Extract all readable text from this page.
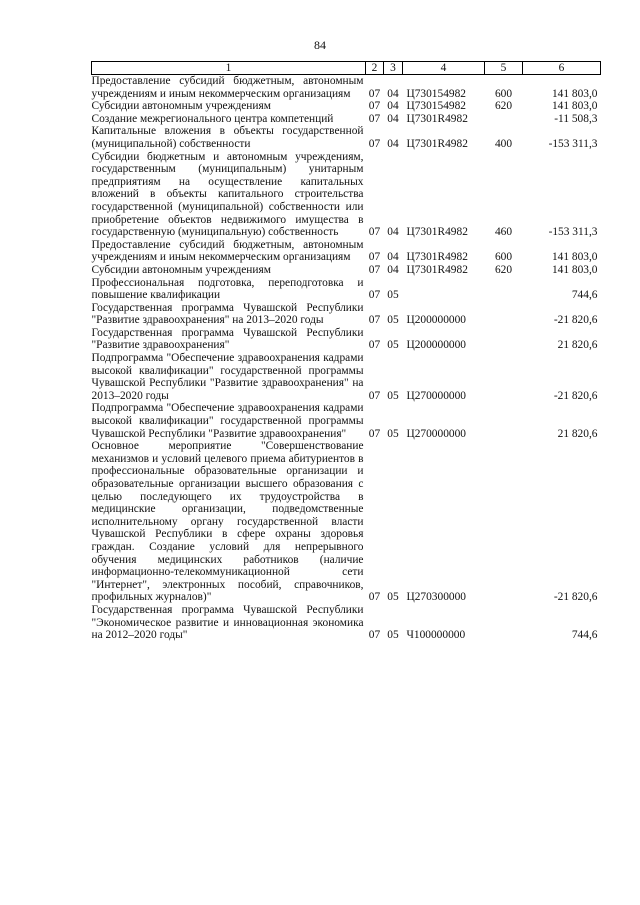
84
1	2	3	4	5	6
Предоставление субсидий бюджетным, автономным учреждениям и иным некоммерческим организациям	07	04	Ц730154982	600	141 803,0
Субсидии автономным учреждениям	07	04	Ц730154982	620	141 803,0
Создание межрегионального центра компетенций	07	04	Ц7301R4982		-11 508,3
Капитальные вложения в объекты государственной (муниципальной) собственности	07	04	Ц7301R4982	400	-153 311,3
Субсидии бюджетным и автономным учреждениям, государственным (муниципальным) унитарным предприятиям на осуществление капитальных вложений в объекты капитального строительства государственной (муниципальной) собственности или приобретение объектов недвижимого имущества в государственную (муниципальную) собственность	07	04	Ц7301R4982	460	-153 311,3
Предоставление субсидий бюджетным, автономным учреждениям и иным некоммерческим организациям	07	04	Ц7301R4982	600	141 803,0
Субсидии автономным учреждениям	07	04	Ц7301R4982	620	141 803,0
Профессиональная подготовка, переподготовка и повышение квалификации	07	05			744,6
Государственная программа Чувашской Республики "Развитие здравоохранения" на 2013–2020 годы	07	05	Ц200000000		-21 820,6
Государственная программа Чувашской Республики "Развитие здравоохранения"	07	05	Ц200000000		21 820,6
Подпрограмма "Обеспечение здравоохранения кадрами высокой квалификации" государственной программы Чувашской Республики "Развитие здравоохранения" на 2013–2020 годы	07	05	Ц270000000		-21 820,6
Подпрограмма "Обеспечение здравоохранения кадрами высокой квалификации" государственной программы Чувашской Республики "Развитие здравоохранения"	07	05	Ц270000000		21 820,6
Основное мероприятие "Совершенствование механизмов и условий целевого приема абитуриентов в профессиональные образовательные организации и образовательные организации высшего образования с целью последующего их трудоустройства в медицинские организации, подведомственные исполнительному органу государственной власти Чувашской Республики в сфере охраны здоровья граждан. Создание условий для непрерывного обучения медицинских работников (наличие информационно-телекоммуникационной сети "Интернет", электронных пособий, справочников, профильных журналов)"	07	05	Ц270300000		-21 820,6
Государственная программа Чувашской Республики "Экономическое развитие и инновационная экономика на 2012–2020 годы"	07	05	Ч100000000		744,6
